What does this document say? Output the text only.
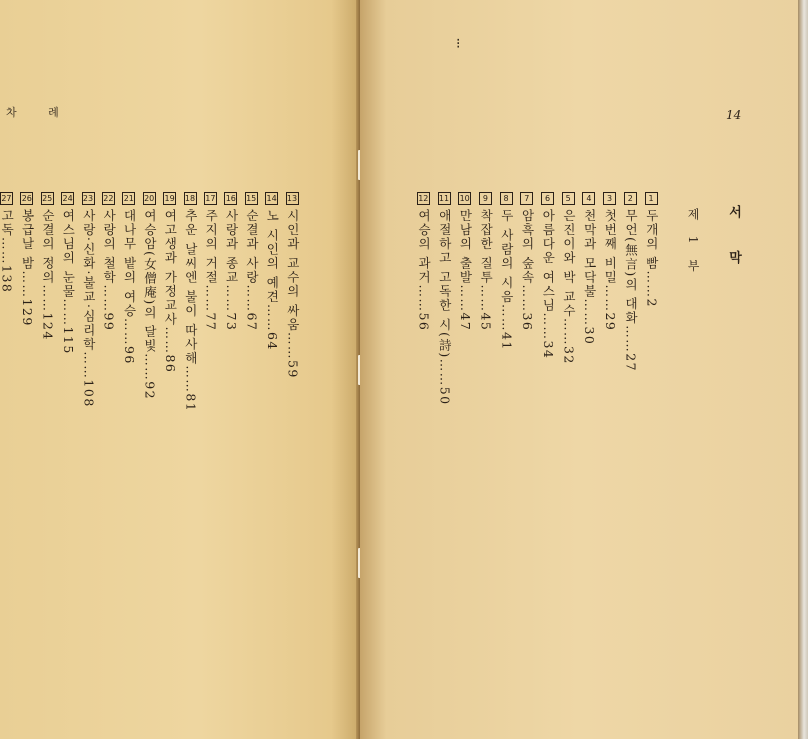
차 례
13
시인과 교수의 싸움……59
14
노 시인의 예견……64
15
순결과 사랑……67
16
사랑과 종교……73
17
주지의 거절……77
18
추운 날씨엔 불이 따사해……81
19
여고생과 가정교사……86
20
여승암(女僧庵)의 달빛……92
21
대나무 밭의 여승……96
22
사랑의 철학……99
23
사랑·신화·불교·심리학……108
24
여스님의 눈물……115
25
순결의 정의……124
26
봉급날 밤……129
27
고독……138
⁝
14
서 막
제 1 부
1
두개의 빰……2
2
무언(無言)의 대화……27
3
첫번째 비밀……29
4
천막과 모닥불……30
5
은진이와 박 교수……32
6
아름다운 여스님……34
7
암흑의 숲속……36
8
두 사람의 시음……41
9
착잡한 질투……45
10
만남의 출발……47
11
애절하고 고독한 시(詩)……50
12
여승의 과거……56
